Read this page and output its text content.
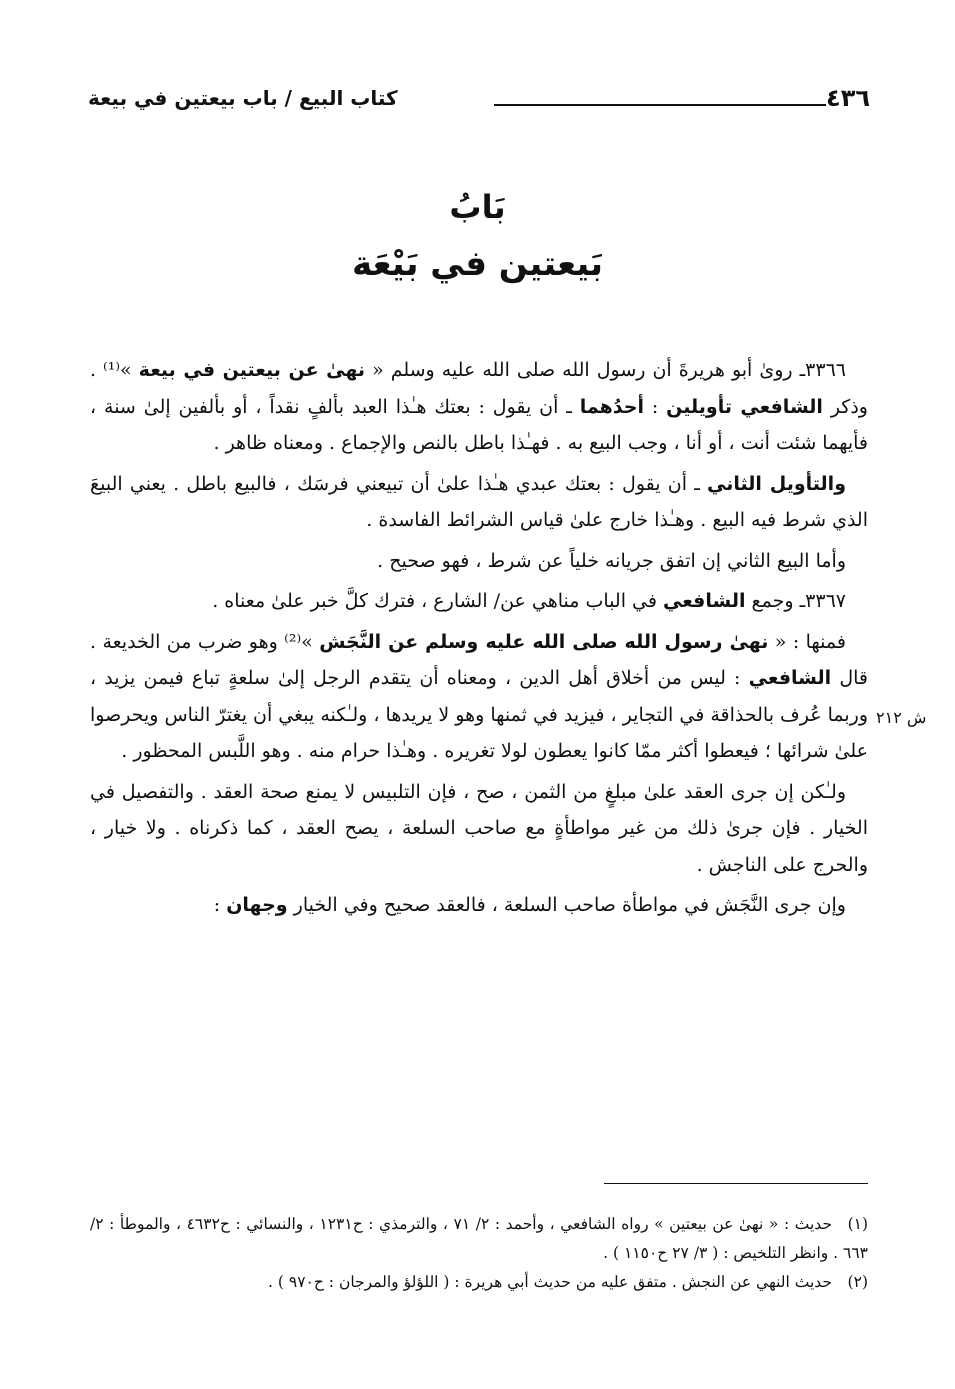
٤٣٦
كتاب البيع / باب بيعتين في بيعة
بَابُ
بَيعتين في بَيْعَة
ش ٢١٢

٣٣٦٦ـ رویٰ أبو هريرةَ أن رسول الله صلى الله عليه وسلم « نهیٰ عن بيعتين في بيعة »⁽¹⁾ . وذكر الشافعي تأويلين : أحدُهما ـ أن يقول : بعتك هـٰذا العبد بألفٍ نقداً ، أو بألفين إلىٰ سنة ، فأيهما شئت أنت ، أو أنا ، وجب البيع به . فهـٰذا باطل بالنص والإجماع . ومعناه ظاهر .

والتأويل الثاني ـ أن يقول : بعتك عبدي هـٰذا علىٰ أن تبيعني فرسَك ، فالبيع باطل . يعني البيعَ الذي شرط فيه البيع . وهـٰذا خارج علىٰ قياس الشرائط الفاسدة .

وأما البيع الثاني إن اتفق جريانه خلياً عن شرط ، فهو صحيح .

٣٣٦٧ـ وجمع الشافعي في الباب مناهي عن/ الشارع ، فترك كلَّ خبر علىٰ معناه .

فمنها : « نهیٰ رسول الله صلى الله عليه وسلم عن النَّجَش »⁽²⁾ وهو ضرب من الخديعة . قال الشافعي : ليس من أخلاق أهل الدين ، ومعناه أن يتقدم الرجل إلىٰ سلعةٍ تباع فيمن يزيد ، وربما عُرف بالحذاقة في التجاير ، فيزيد في ثمنها وهو لا يريدها ، ولـٰكنه يبغي أن يغترّ الناس ويحرصوا علىٰ شرائها ؛ فيعطوا أكثر ممّا كانوا يعطون لولا تغريره . وهـٰذا حرام منه . وهو اللَّبس المحظور .

ولـٰكن إن جرى العقد علىٰ مبلغٍ من الثمن ، صح ، فإن التلبيس لا يمنع صحة العقد . والتفصيل في الخيار . فإن جرىٰ ذلك من غير مواطأةٍ مع صاحب السلعة ، يصح العقد ، كما ذكرناه . ولا خيار ، والحرج على الناجش .

وإن جرى النَّجَش في مواطأة صاحب السلعة ، فالعقد صحيح وفي الخيار وجهان :

(١)حديث : « نهیٰ عن بيعتين » رواه الشافعي ، وأحمد : ٢/ ٧١ ، والترمذي : ح١٢٣١ ، والنسائي : ح٤٦٣٢ ، والموطأ : ٢/ ٦٦٣ . وانظر التلخيص : ( ٣/ ٢٧ ح١١٥٠ ) .

(٢)حديث النهي عن النجش . متفق عليه من حديث أبي هريرة : ( اللؤلؤ والمرجان : ح٩٧٠ ) .
